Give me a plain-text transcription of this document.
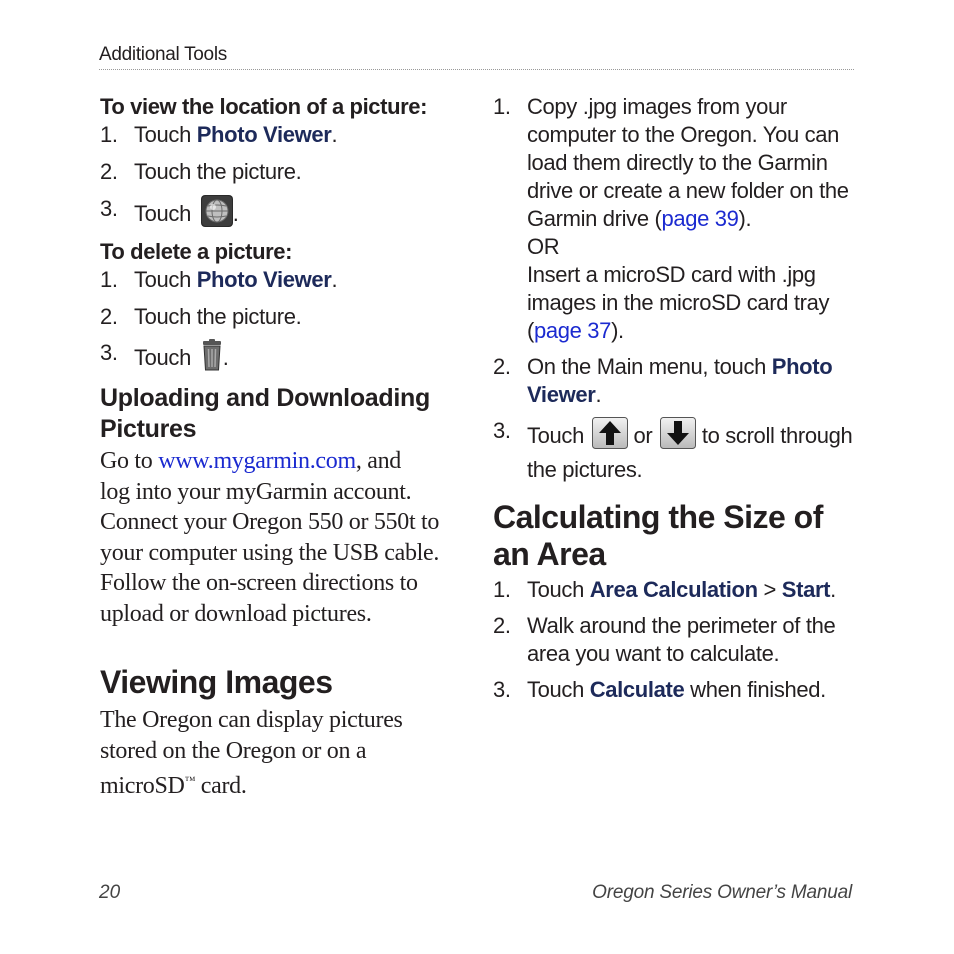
Additional Tools
To view the location of a picture:
1. Touch Photo Viewer.
2. Touch the picture.
3. Touch .
To delete a picture:
1. Touch Photo Viewer.
2. Touch the picture.
3. Touch .
Uploading and Downloading
Pictures
Go to www.mygarmin.com, and
log into your myGarmin account.
Connect your Oregon 550 or 550t to
your computer using the USB cable.
Follow the on-screen directions to
upload or download pictures.
Viewing Images
The Oregon can display pictures
stored on the Oregon or on a
microSD™ card.
1. Copy .jpg images from your
computer to the Oregon. You can
load them directly to the Garmin
drive or create a new folder on the
Garmin drive (page 39).
OR
Insert a microSD card with .jpg
images in the microSD card tray
(page 37).
2. On the Main menu, touch Photo
Viewer.
3. Touch  or  to scroll through
the pictures.
Calculating the Size of
an Area
1. Touch Area Calculation > Start.
2. Walk around the perimeter of the
area you want to calculate.
3. Touch Calculate when finished.
20	Oregon Series Owner’s Manual
